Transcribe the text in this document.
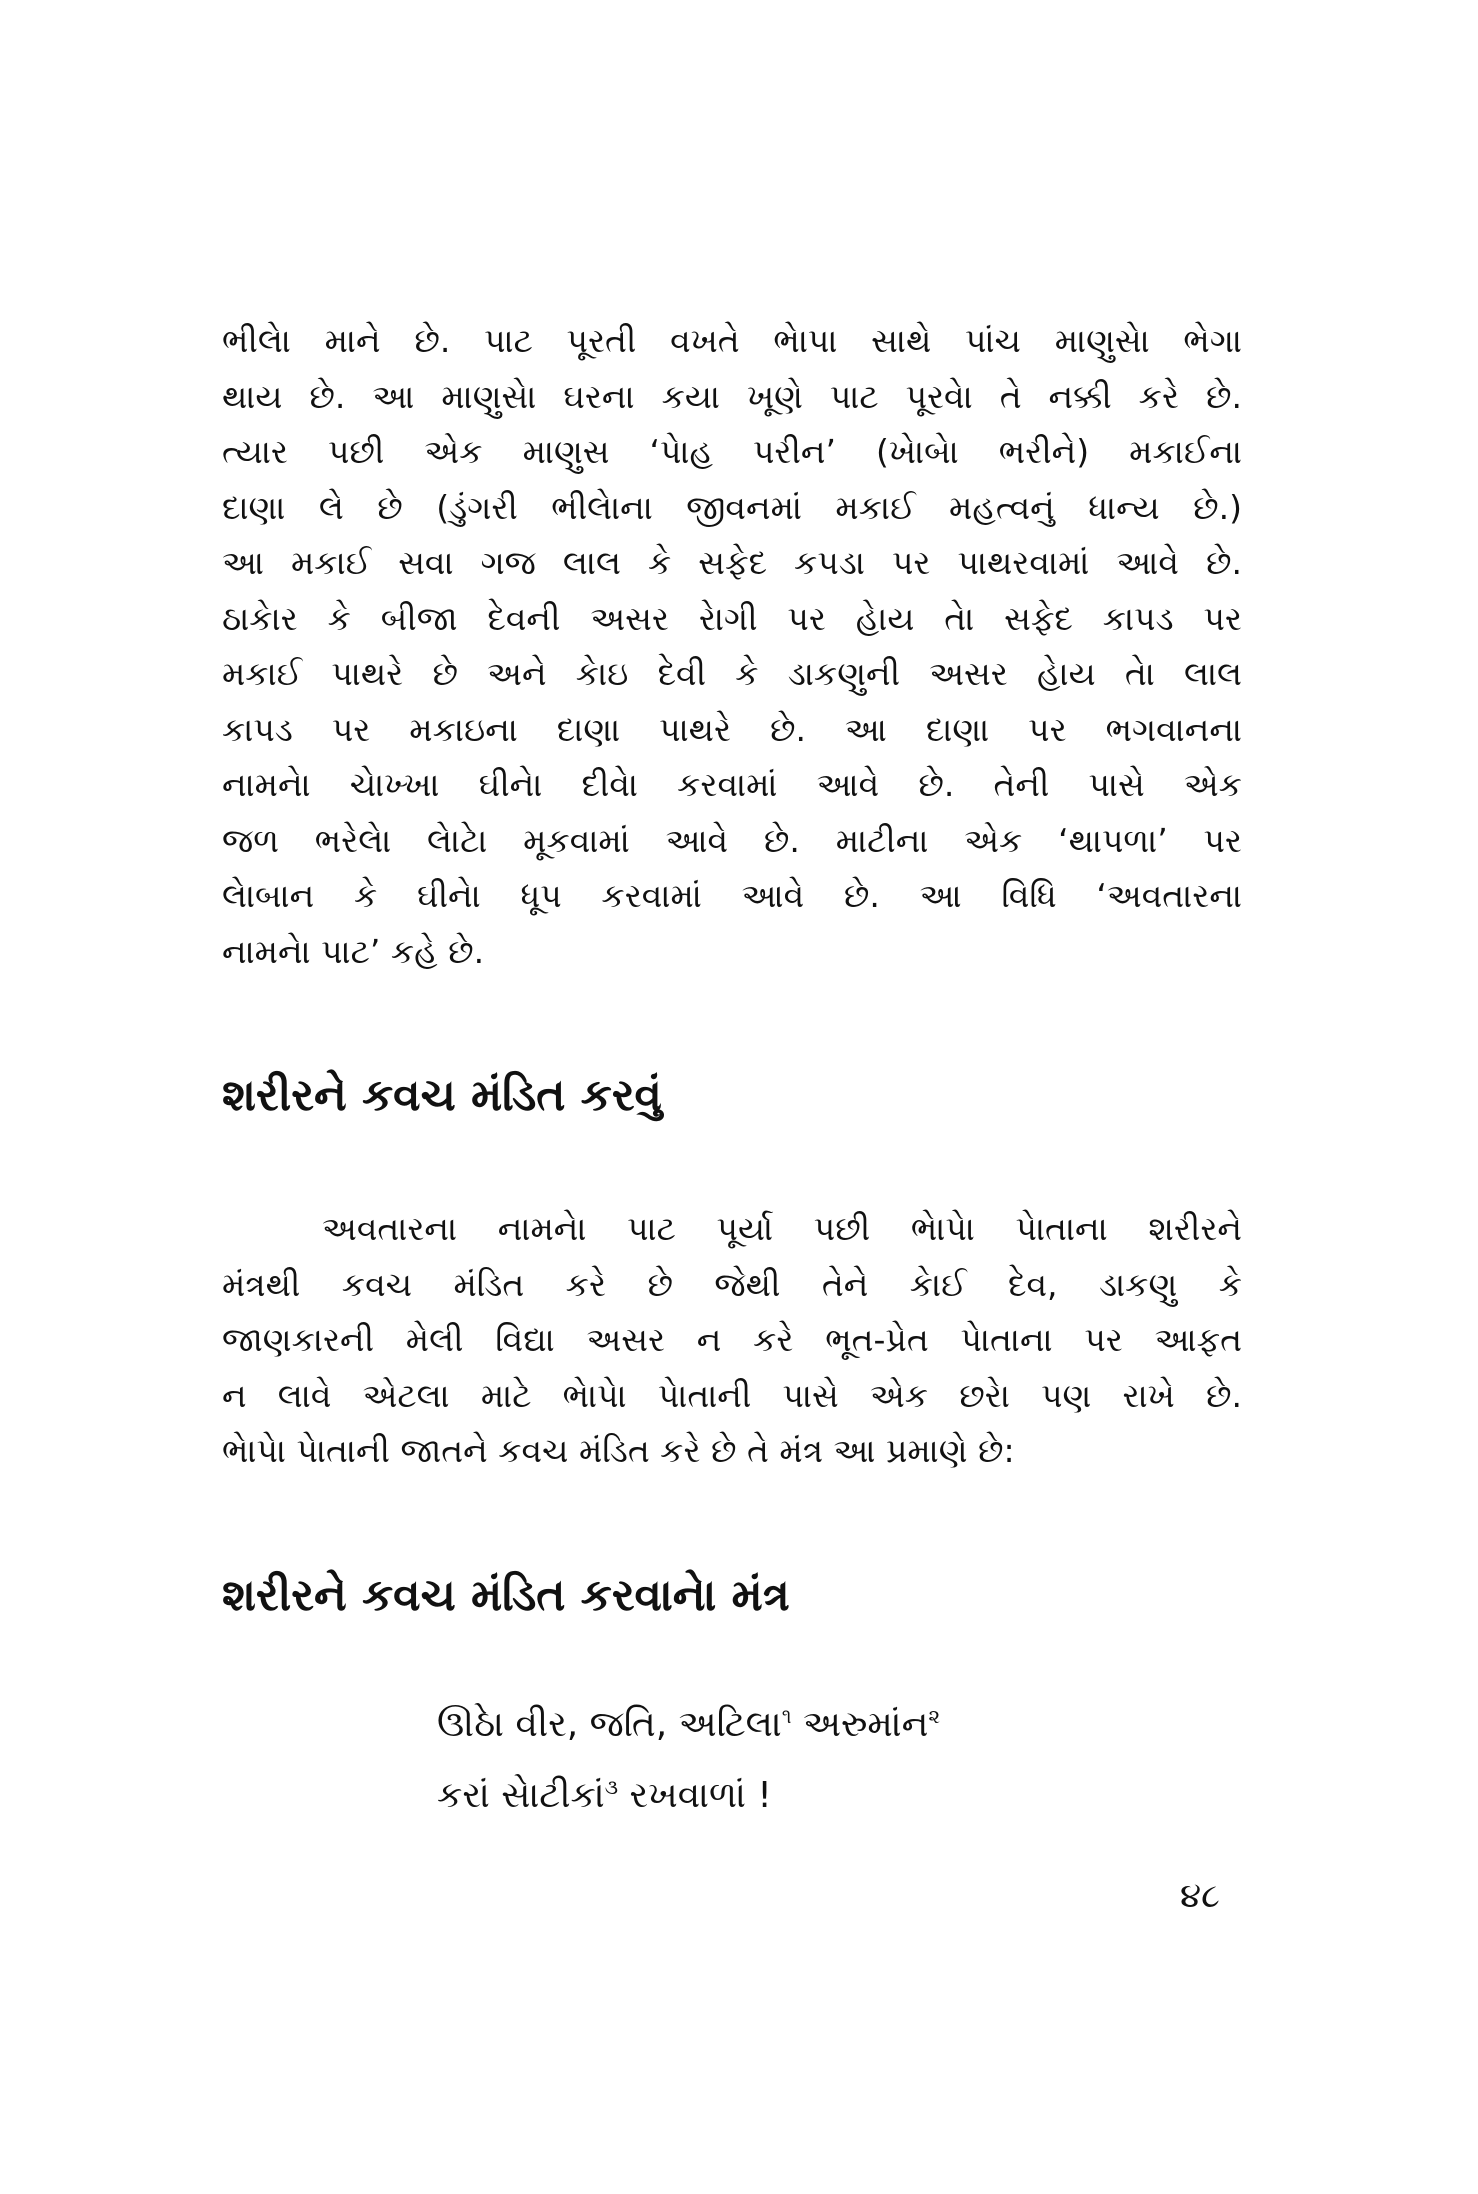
ભીલેા માને છે. પાટ પૂરતી વખતે ભેાપા સાથે પાંચ માણુસેા ભેગા
થાય છે. આ માણુસેા ઘરના કયા ખૂણે પાટ પૂરવેા તે નક્કી કરે છે.
ત્યાર પછી એક માણુસ ‘પેાહ પરીન’ (ખેાબેા ભરીને) મકાઈના
દાણા લે છે (ડુંગરી ભીલેાના જીવનમાં મકાઈ મહત્વનું ધાન્ય છે.)
આ મકાઈ સવા ગજ લાલ કે સફેદ કપડા પર પાથરવામાં આવે છે.
ઠાકેાર કે બીજા દેવની અસર રેાગી પર હેાય તેા સફેદ કાપડ પર
મકાઈ પાથરે છે અને કેાઇ દેવી કે ડાકણુની અસર હેાય તેા લાલ
કાપડ પર મકાઇના દાણા પાથરે છે. આ દાણા પર ભગવાનના
નામનેા ચેાખ્ખા ઘીનેા દીવેા કરવામાં આવે છે. તેની પાસે એક
જળ ભરેલેા લેાટેા મૂકવામાં આવે છે. માટીના એક ‘થાપળા’ પર
લેાબાન કે ઘીનેા ધૂપ કરવામાં આવે છે. આ વિધિ ‘અવતારના
નામનેા પાટ’ કહે છે.
શરીરને કવચ મંડિત કરવું
અવતારના નામનેા પાટ પૂર્યા પછી ભેાપેા પેાતાના શરીરને
મંત્રથી કવચ મંડિત કરે છે જેથી તેને કેાઈ દેવ, ડાકણુ કે
જાણકારની મેલી વિદ્યા અસર ન કરે ભૂત-પ્રેત પેાતાના પર આફત
ન લાવે એટલા માટે ભેાપેા પેાતાની પાસે એક છરેા પણ રાખે છે.
ભેાપેા પેાતાની જાતને કવચ મંડિત કરે છે તે મંત્ર આ પ્રમાણે છે:
શરીરને કવચ મંડિત કરવાનેા મંત્ર
ઊઠેા વીર, જતિ, અટિલા$^૧$ અરુમાંન$^૨$
કરાં સેાટીકાં$^૩$ રખવાળાં !
૪૮
